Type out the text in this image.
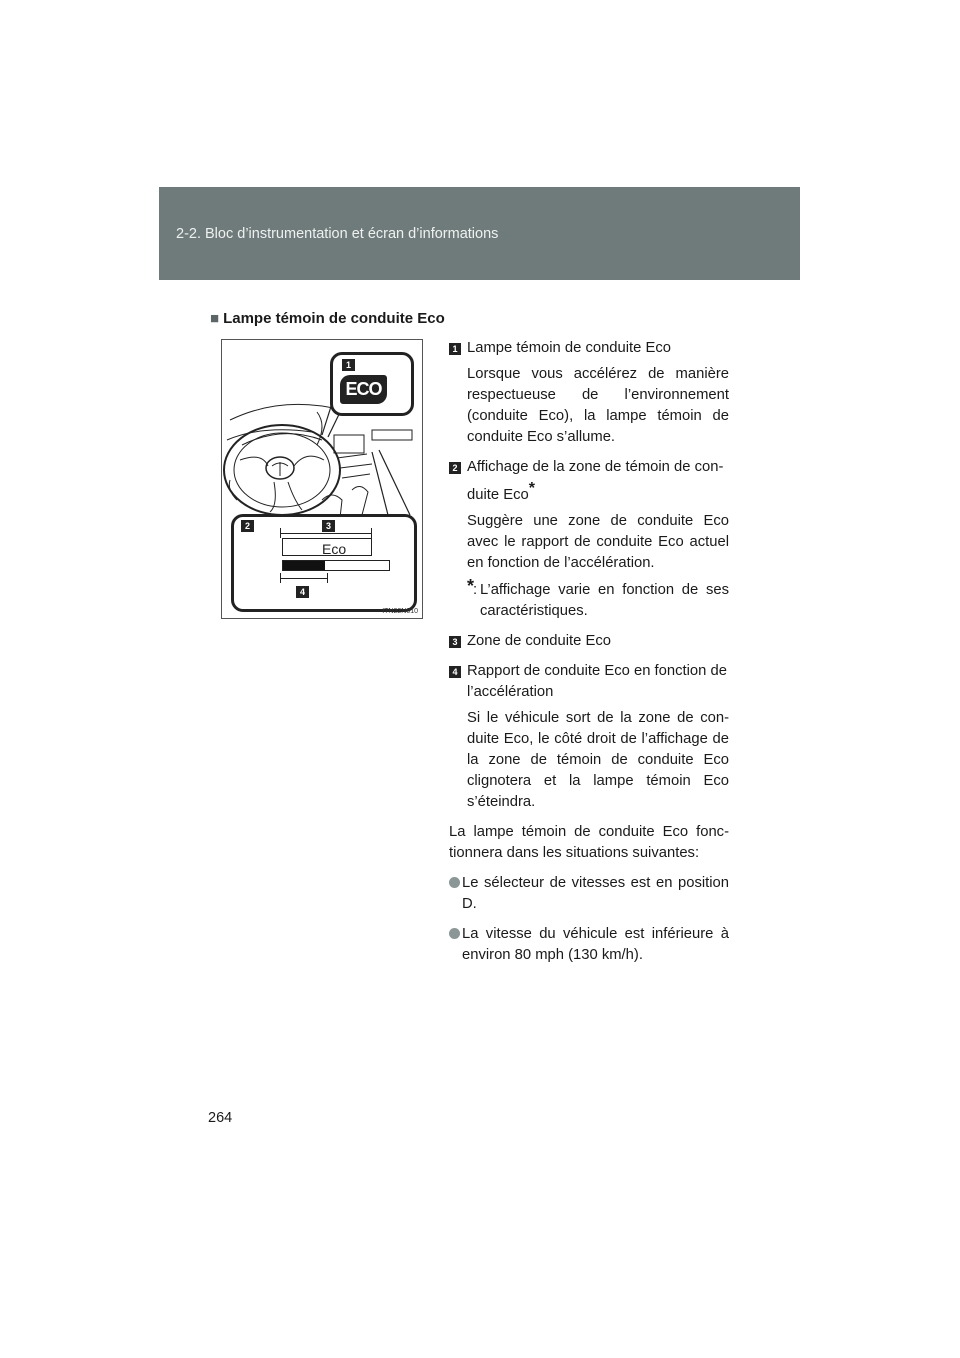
2-2. Bloc d’instrumentation et écran d’informations
■ Lampe témoin de conduite Eco
1
ECO
2	3
Eco
4
ITN22N010
1 Lampe témoin de conduite Eco
Lorsque vous accélérez de manière respectueuse de l’environnement (conduite Eco), la lampe témoin de conduite Eco s’allume.
2 Affichage de la zone de témoin de con-duite Eco*
Suggère une zone de conduite Eco avec le rapport de conduite Eco actuel en fonction de l’accélération.
*
: L’affichage varie en fonction de ses caractéristiques.
3 Zone de conduite Eco
4 Rapport de conduite Eco en fonction de l’accélération
Si le véhicule sort de la zone de con-duite Eco, le côté droit de l’affichage de la zone de témoin de conduite Eco clignotera et la lampe témoin Eco s’éteindra.
La lampe témoin de conduite Eco fonc-tionnera dans les situations suivantes:
Le sélecteur de vitesses est en position D.
La vitesse du véhicule est inférieure à environ 80 mph (130 km/h).
264
